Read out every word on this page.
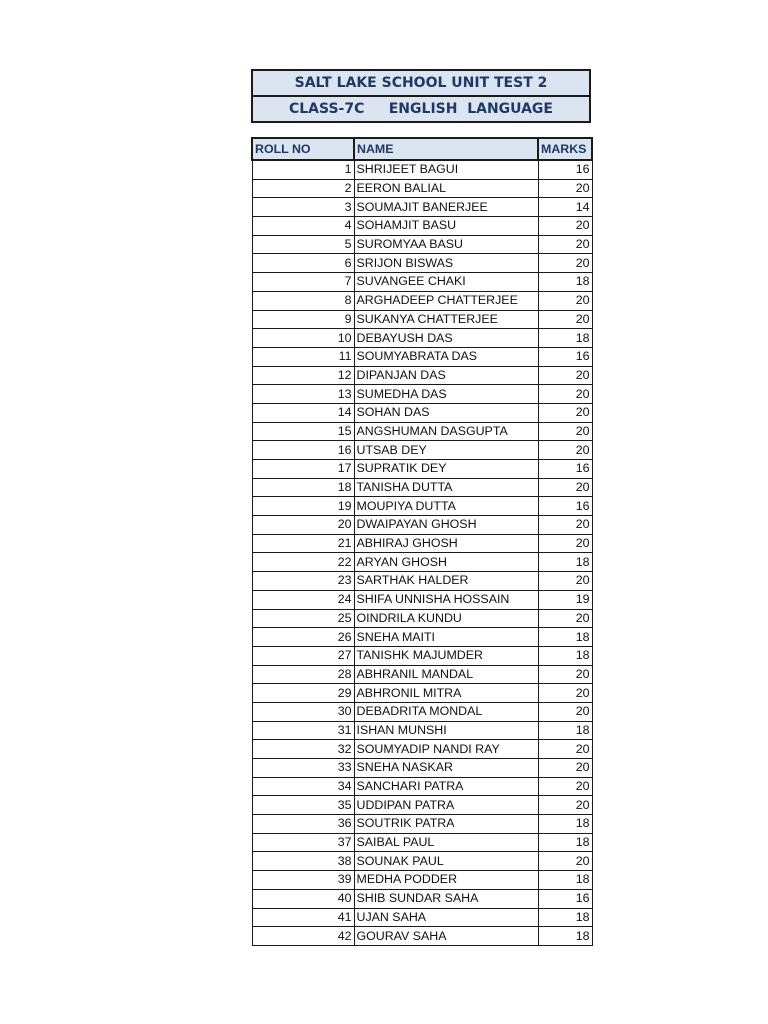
SALT LAKE SCHOOL UNIT TEST 2
CLASS-7C     ENGLISH  LANGUAGE
ROLL NO	NAME	MARKS
1	SHRIJEET BAGUI	16
2	EERON BALIAL	20
3	SOUMAJIT BANERJEE	14
4	SOHAMJIT BASU	20
5	SUROMYAA BASU	20
6	SRIJON BISWAS	20
7	SUVANGEE CHAKI	18
8	ARGHADEEP CHATTERJEE	20
9	SUKANYA CHATTERJEE	20
10	DEBAYUSH DAS	18
11	SOUMYABRATA DAS	16
12	DIPANJAN DAS	20
13	SUMEDHA DAS	20
14	SOHAN DAS	20
15	ANGSHUMAN DASGUPTA	20
16	UTSAB DEY	20
17	SUPRATIK DEY	16
18	TANISHA DUTTA	20
19	MOUPIYA DUTTA	16
20	DWAIPAYAN GHOSH	20
21	ABHIRAJ GHOSH	20
22	ARYAN GHOSH	18
23	SARTHAK HALDER	20
24	SHIFA UNNISHA HOSSAIN	19
25	OINDRILA KUNDU	20
26	SNEHA MAITI	18
27	TANISHK MAJUMDER	18
28	ABHRANIL MANDAL	20
29	ABHRONIL MITRA	20
30	DEBADRITA MONDAL	20
31	ISHAN MUNSHI	18
32	SOUMYADIP NANDI RAY	20
33	SNEHA NASKAR	20
34	SANCHARI PATRA	20
35	UDDIPAN PATRA	20
36	SOUTRIK PATRA	18
37	SAIBAL PAUL	18
38	SOUNAK PAUL	20
39	MEDHA PODDER	18
40	SHIB SUNDAR SAHA	16
41	UJAN SAHA	18
42	GOURAV SAHA	18
